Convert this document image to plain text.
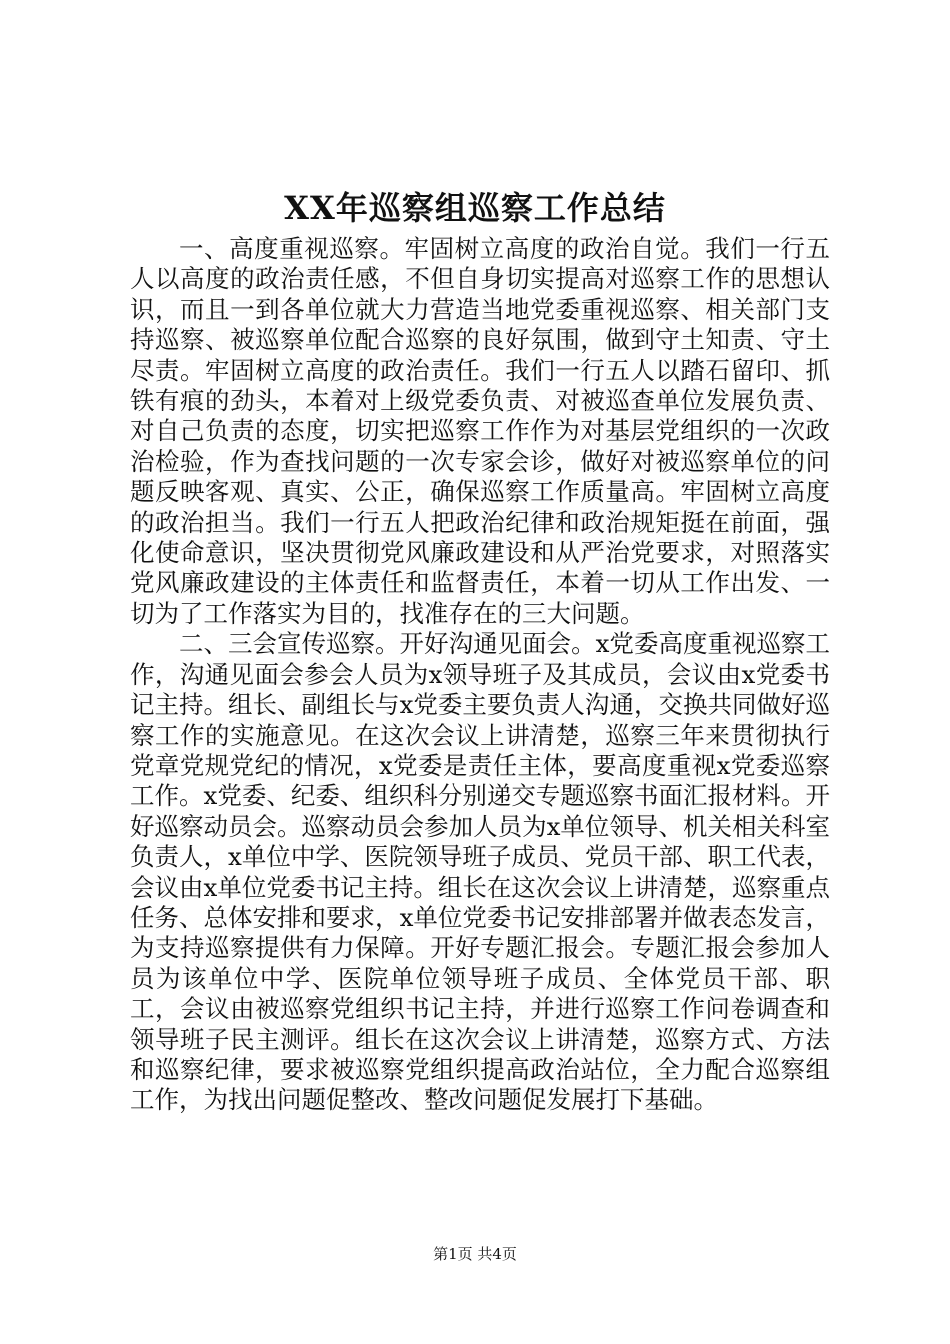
XX年巡察组巡察工作总结

一、高度重视巡察。牢固树立高度的政治自觉。我们一行五人以高度的政治责任感，不但自身切实提高对巡察工作的思想认识，而且一到各单位就大力营造当地党委重视巡察、相关部门支持巡察、被巡察单位配合巡察的良好氛围，做到守土知责、守土尽责。牢固树立高度的政治责任。我们一行五人以踏石留印、抓铁有痕的劲头，本着对上级党委负责、对被巡查单位发展负责、对自己负责的态度，切实把巡察工作作为对基层党组织的一次政治检验，作为查找问题的一次专家会诊，做好对被巡察单位的问题反映客观、真实、公正，确保巡察工作质量高。牢固树立高度的政治担当。我们一行五人把政治纪律和政治规矩挺在前面，强化使命意识，坚决贯彻党风廉政建设和从严治党要求，对照落实党风廉政建设的主体责任和监督责任，本着一切从工作出发、一切为了工作落实为目的，找准存在的三大问题。

二、三会宣传巡察。开好沟通见面会。x党委高度重视巡察工作，沟通见面会参会人员为x领导班子及其成员，会议由x党委书记主持。组长、副组长与x党委主要负责人沟通，交换共同做好巡察工作的实施意见。在这次会议上讲清楚，巡察三年来贯彻执行党章党规党纪的情况，x党委是责任主体，要高度重视x党委巡察工作。x党委、纪委、组织科分别递交专题巡察书面汇报材料。开好巡察动员会。巡察动员会参加人员为x单位领导、机关相关科室负责人，x单位中学、医院领导班子成员、党员干部、职工代表，会议由x单位党委书记主持。组长在这次会议上讲清楚，巡察重点任务、总体安排和要求，x单位党委书记安排部署并做表态发言，为支持巡察提供有力保障。开好专题汇报会。专题汇报会参加人员为该单位中学、医院单位领导班子成员、全体党员干部、职工，会议由被巡察党组织书记主持，并进行巡察工作问卷调查和领导班子民主测评。组长在这次会议上讲清楚，巡察方式、方法和巡察纪律，要求被巡察党组织提高政治站位，全力配合巡察组工作，为找出问题促整改、整改问题促发展打下基础。

第1页 共4页
